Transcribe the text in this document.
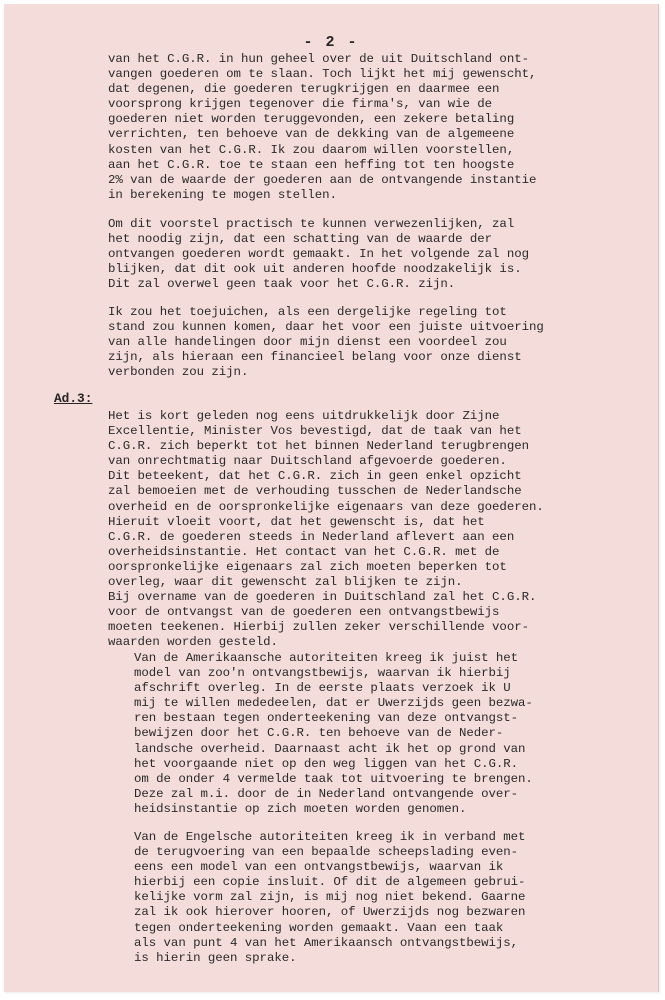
- 2 -

van het C.G.R. in hun geheel over de uit Duitschland ont-
vangen goederen om te slaan. Toch lijkt het mij gewenscht,
dat degenen, die goederen terugkrijgen en daarmee een
voorsprong krijgen tegenover die firma's, van wie de
goederen niet worden teruggevonden, een zekere betaling
verrichten, ten behoeve van de dekking van de algemeene
kosten van het C.G.R. Ik zou daarom willen voorstellen,
aan het C.G.R. toe te staan een heffing tot ten hoogste
2% van de waarde der goederen aan de ontvangende instantie
in berekening te mogen stellen.

Om dit voorstel practisch te kunnen verwezenlijken, zal
het noodig zijn, dat een schatting van de waarde der
ontvangen goederen wordt gemaakt. In het volgende zal nog
blijken, dat dit ook uit anderen hoofde noodzakelijk is.
Dit zal overwel geen taak voor het C.G.R. zijn.

Ik zou het toejuichen, als een dergelijke regeling tot
stand zou kunnen komen, daar het voor een juiste uitvoering
van alle handelingen door mijn dienst een voordeel zou
zijn, als hieraan een financieel belang voor onze dienst
verbonden zou zijn.

Ad.3:

Het is kort geleden nog eens uitdrukkelijk door Zijne
Excellentie, Minister Vos bevestigd, dat de taak van het
C.G.R. zich beperkt tot het binnen Nederland terugbrengen
van onrechtmatig naar Duitschland afgevoerde goederen.
Dit beteekent, dat het C.G.R. zich in geen enkel opzicht
zal bemoeien met de verhouding tusschen de Nederlandsche
overheid en de oorspronkelijke eigenaars van deze goederen.
Hieruit vloeit voort, dat het gewenscht is, dat het
C.G.R. de goederen steeds in Nederland aflevert aan een
overheidsinstantie. Het contact van het C.G.R. met de
oorspronkelijke eigenaars zal zich moeten beperken tot
overleg, waar dit gewenscht zal blijken te zijn.
Bij overname van de goederen in Duitschland zal het C.G.R.
voor de ontvangst van de goederen een ontvangstbewijs
moeten teekenen. Hierbij zullen zeker verschillende voor-
waarden worden gesteld.

Van de Amerikaansche autoriteiten kreeg ik juist het
model van zoo'n ontvangstbewijs, waarvan ik hierbij
afschrift overleg. In de eerste plaats verzoek ik U
mij te willen mededeelen, dat er Uwerzijds geen bezwa-
ren bestaan tegen onderteekening van deze ontvangst-
bewijzen door het C.G.R. ten behoeve van de Neder-
landsche overheid. Daarnaast acht ik het op grond van
het voorgaande niet op den weg liggen van het C.G.R.
om de onder 4 vermelde taak tot uitvoering te brengen.
Deze zal m.i. door de in Nederland ontvangende over-
heidsinstantie op zich moeten worden genomen.

Van de Engelsche autoriteiten kreeg ik in verband met
de terugvoering van een bepaalde scheepslading even-
eens een model van een ontvangstbewijs, waarvan ik
hierbij een copie insluit. Of dit de algemeen gebrui-
kelijke vorm zal zijn, is mij nog niet bekend. Gaarne
zal ik ook hierover hooren, of Uwerzijds nog bezwaren
tegen onderteekening worden gemaakt. Vaan een taak
als van punt 4 van het Amerikaansch ontvangstbewijs,
is hierin geen sprake.
